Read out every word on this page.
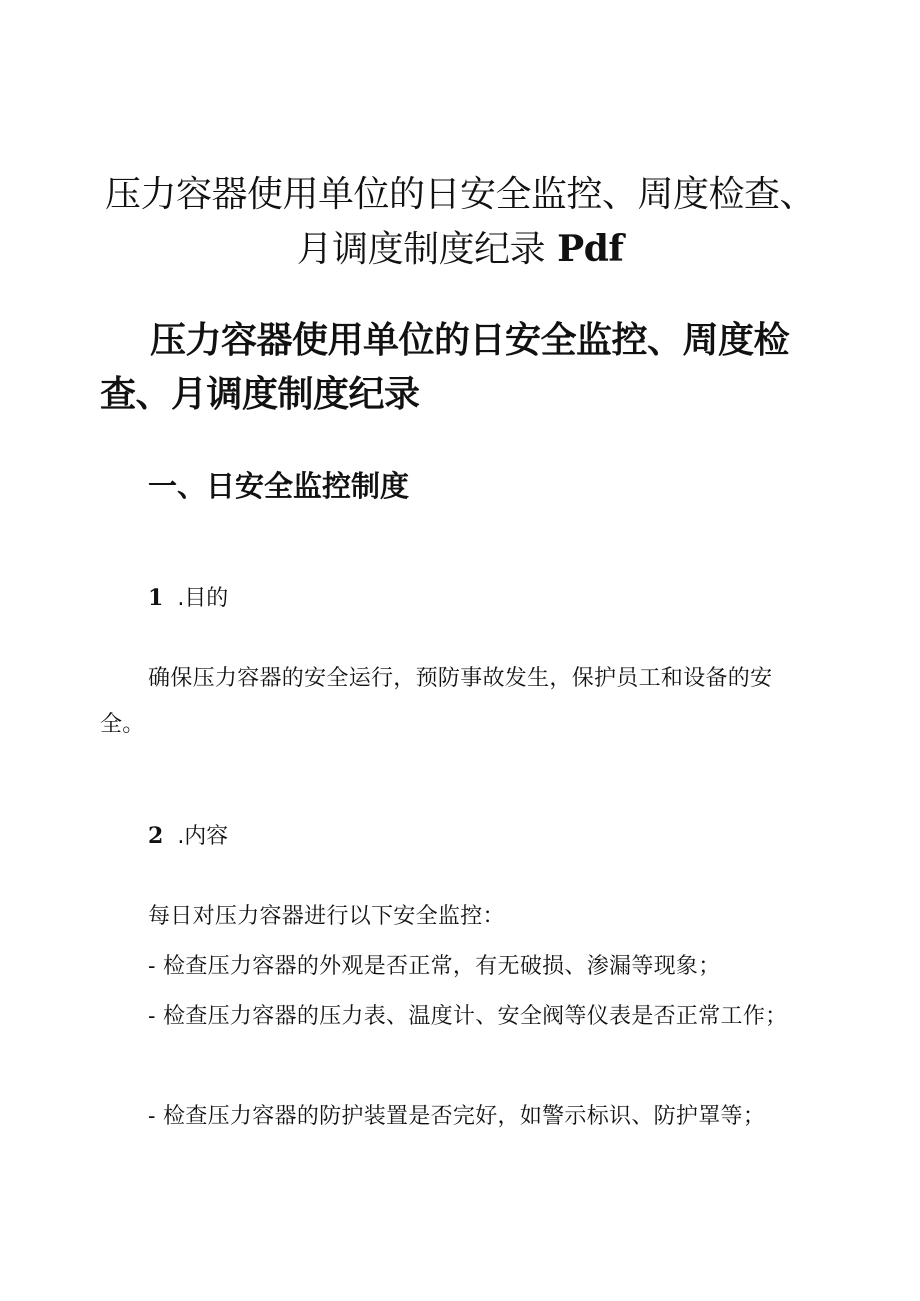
压力容器使用单位的日安全监控、周度检查、月调度制度纪录 Pdf
压力容器使用单位的日安全监控、周度检查、月调度制度纪录
一、日安全监控制度
1 .目的

确保压力容器的安全运行，预防事故发生，保护员工和设备的安全。

2 .内容

每日对压力容器进行以下安全监控：

- 检查压力容器的外观是否正常，有无破损、渗漏等现象；

- 检查压力容器的压力表、温度计、安全阀等仪表是否正常工作；

- 检查压力容器的防护装置是否完好，如警示标识、防护罩等；
